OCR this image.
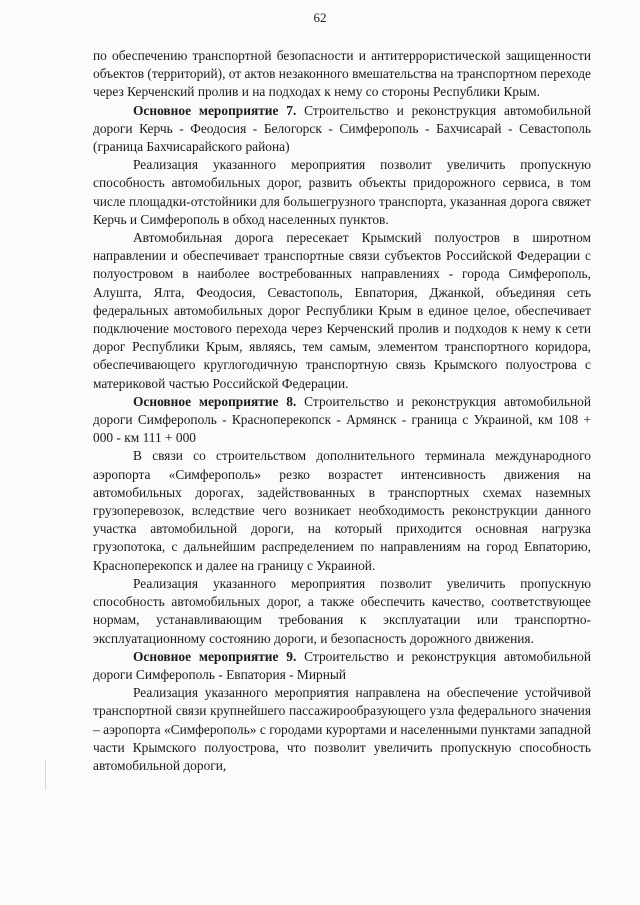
62

по обеспечению транспортной безопасности и антитеррористической защищенности объектов (территорий), от актов незаконного вмешательства на транспортном переходе через Керченский пролив и на подходах к нему со стороны Республики Крым.

Основное мероприятие 7. Строительство и реконструкция автомобильной дороги Керчь - Феодосия - Белогорск - Симферополь - Бахчисарай - Севастополь (граница Бахчисарайского района)

Реализация указанного мероприятия позволит увеличить пропускную способность автомобильных дорог, развить объекты придорожного сервиса, в том числе площадки-отстойники для большегрузного транспорта, указанная дорога свяжет Керчь и Симферополь в обход населенных пунктов.

Автомобильная дорога пересекает Крымский полуостров в широтном направлении и обеспечивает транспортные связи субъектов Российской Федерации с полуостровом в наиболее востребованных направлениях - города Симферополь, Алушта, Ялта, Феодосия, Севастополь, Евпатория, Джанкой, объединяя сеть федеральных автомобильных дорог Республики Крым в единое целое, обеспечивает подключение мостового перехода через Керченский пролив и подходов к нему к сети дорог Республики Крым, являясь, тем самым, элементом транспортного коридора, обеспечивающего круглогодичную транспортную связь Крымского полуострова с материковой частью Российской Федерации.

Основное мероприятие 8. Строительство и реконструкция автомобильной дороги Симферополь - Красноперекопск - Армянск - граница с Украиной, км 108 + 000 - км 111 + 000

В связи со строительством дополнительного терминала международного аэропорта «Симферополь» резко возрастет интенсивность движения на автомобильных дорогах, задействованных в транспортных схемах наземных грузоперевозок, вследствие чего возникает необходимость реконструкции данного участка автомобильной дороги, на который приходится основная нагрузка грузопотока, с дальнейшим распределением по направлениям на город Евпаторию, Красноперекопск и далее на границу с Украиной.

Реализация указанного мероприятия позволит увеличить пропускную способность автомобильных дорог, а также обеспечить качество, соответствующее нормам, устанавливающим требования к эксплуатации или транспортно-эксплуатационному состоянию дороги, и безопасность дорожного движения.

Основное мероприятие 9. Строительство и реконструкция автомобильной дороги Симферополь - Евпатория - Мирный

Реализация указанного мероприятия направлена на обеспечение устойчивой транспортной связи крупнейшего пассажирообразующего узла федерального значения – аэропорта «Симферополь» с городами курортами и населенными пунктами западной части Крымского полуострова, что позволит увеличить пропускную способность автомобильной дороги,
